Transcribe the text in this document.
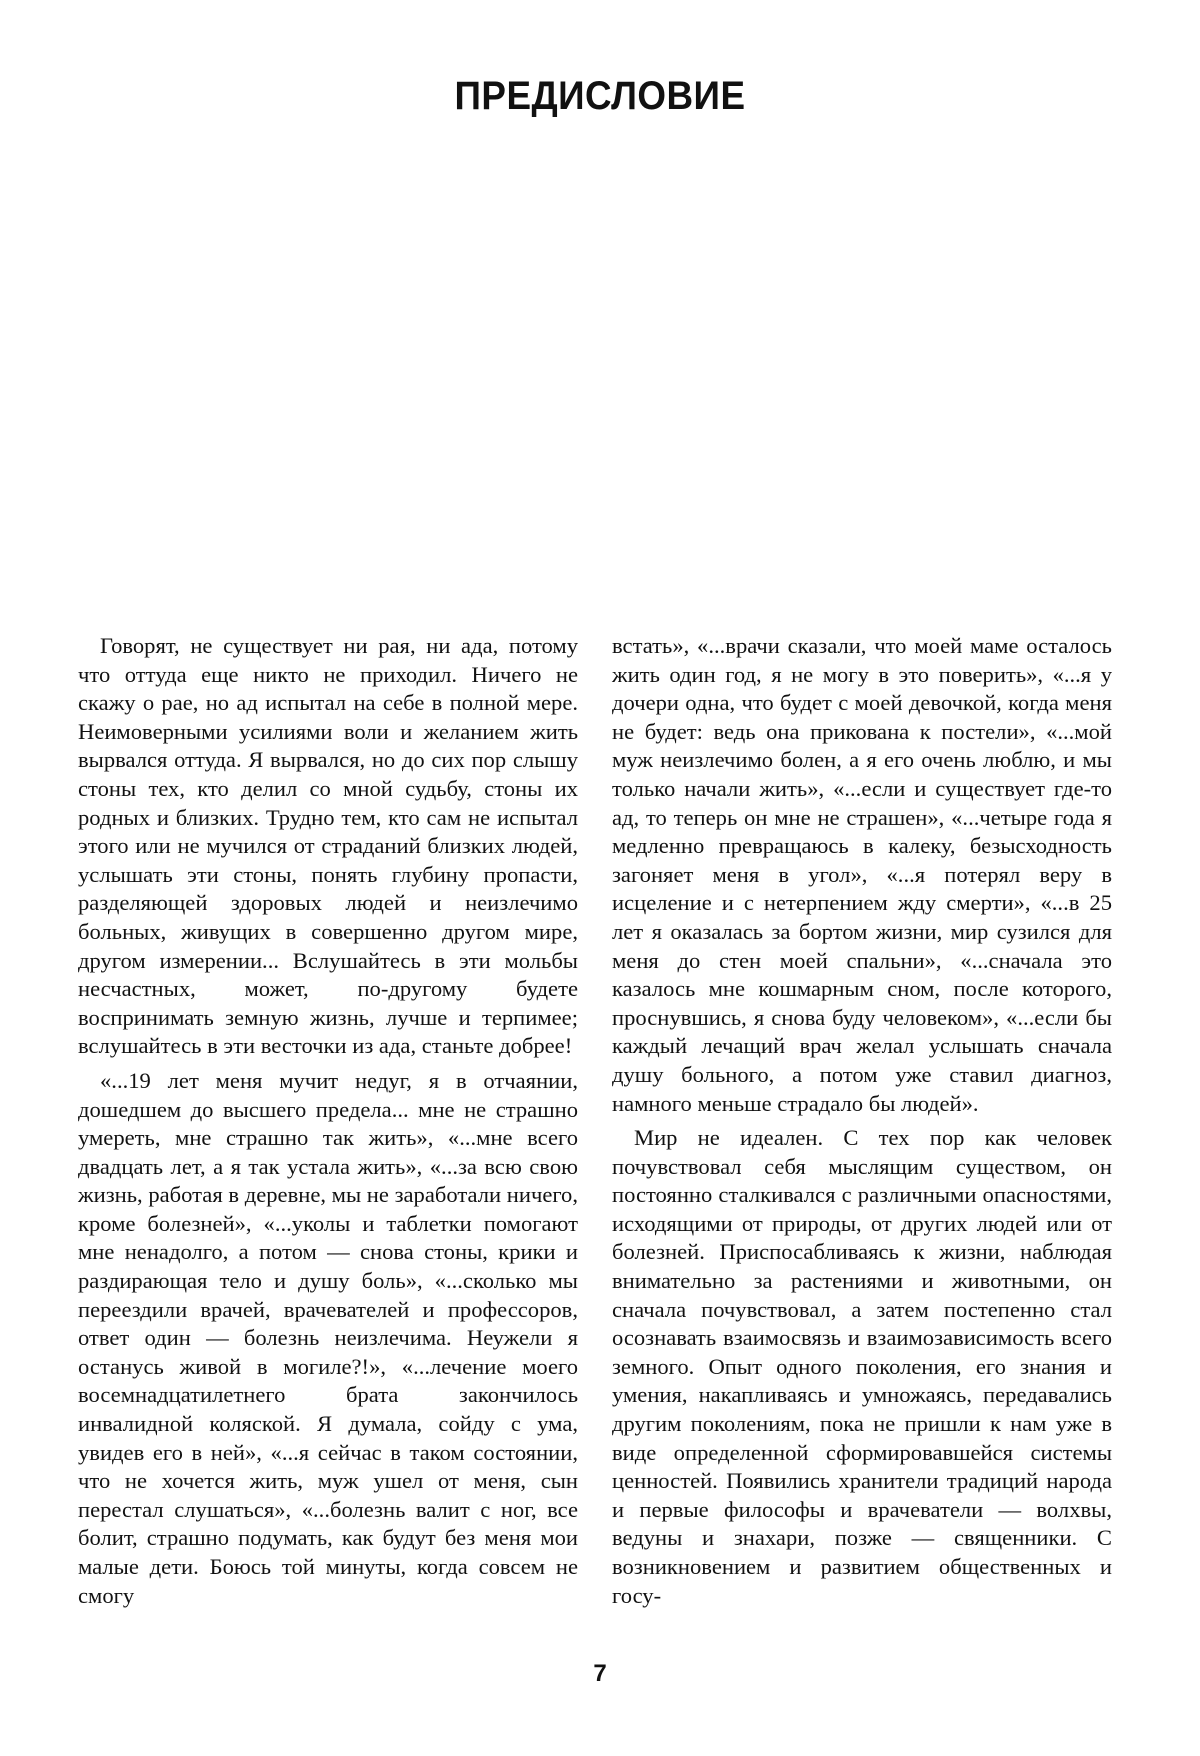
ПРЕДИСЛОВИЕ

Говорят, не существует ни рая, ни ада, потому что оттуда еще никто не приходил. Ничего не скажу о рае, но ад испытал на себе в полной мере. Неимоверными усилиями воли и желанием жить вырвался оттуда. Я вырвался, но до сих пор слышу стоны тех, кто делил со мной судьбу, стоны их родных и близких. Трудно тем, кто сам не испытал этого или не мучился от страданий близких людей, услышать эти стоны, понять глубину пропасти, разделяющей здоровых людей и неизлечимо больных, живущих в совершенно другом мире, другом измерении... Вслушайтесь в эти мольбы несчастных, может, по-другому будете воспринимать земную жизнь, лучше и терпимее; вслушайтесь в эти весточки из ада, станьте добрее!

«...19 лет меня мучит недуг, я в отчаянии, дошедшем до высшего предела... мне не страшно умереть, мне страшно так жить», «...мне всего двадцать лет, а я так устала жить», «...за всю свою жизнь, работая в деревне, мы не заработали ничего, кроме болезней», «...уколы и таблетки помогают мне ненадолго, а потом — снова стоны, крики и раздирающая тело и душу боль», «...сколько мы переездили врачей, врачевателей и профессоров, ответ один — болезнь неизлечима. Неужели я останусь живой в могиле?!», «...лечение моего восемнадцатилетнего брата закончилось инвалидной коляской. Я думала, сойду с ума, увидев его в ней», «...я сейчас в таком состоянии, что не хочется жить, муж ушел от меня, сын перестал слушаться», «...болезнь валит с ног, все болит, страшно подумать, как будут без меня мои малые дети. Боюсь той минуты, когда совсем не смогу

встать», «...врачи сказали, что моей маме осталось жить один год, я не могу в это поверить», «...я у дочери одна, что будет с моей девочкой, когда меня не будет: ведь она прикована к постели», «...мой муж неизлечимо болен, а я его очень люблю, и мы только начали жить», «...если и существует где-то ад, то теперь он мне не страшен», «...четыре года я медленно превращаюсь в калеку, безысходность загоняет меня в угол», «...я потерял веру в исцеление и с нетерпением жду смерти», «...в 25 лет я оказалась за бортом жизни, мир сузился для меня до стен моей спальни», «...сначала это казалось мне кошмарным сном, после которого, проснувшись, я снова буду человеком», «...если бы каждый лечащий врач желал услышать сначала душу больного, а потом уже ставил диагноз, намного меньше страдало бы людей».

Мир не идеален. С тех пор как человек почувствовал себя мыслящим существом, он постоянно сталкивался с различными опасностями, исходящими от природы, от других людей или от болезней. Приспосабливаясь к жизни, наблюдая внимательно за растениями и животными, он сначала почувствовал, а затем постепенно стал осознавать взаимосвязь и взаимозависимость всего земного. Опыт одного поколения, его знания и умения, накапливаясь и умножаясь, передавались другим поколениям, пока не пришли к нам уже в виде определенной сформировавшейся системы ценностей. Появились хранители традиций народа и первые философы и врачеватели — волхвы, ведуны и знахари, позже — священники. С возникновением и развитием общественных и госу-

7
